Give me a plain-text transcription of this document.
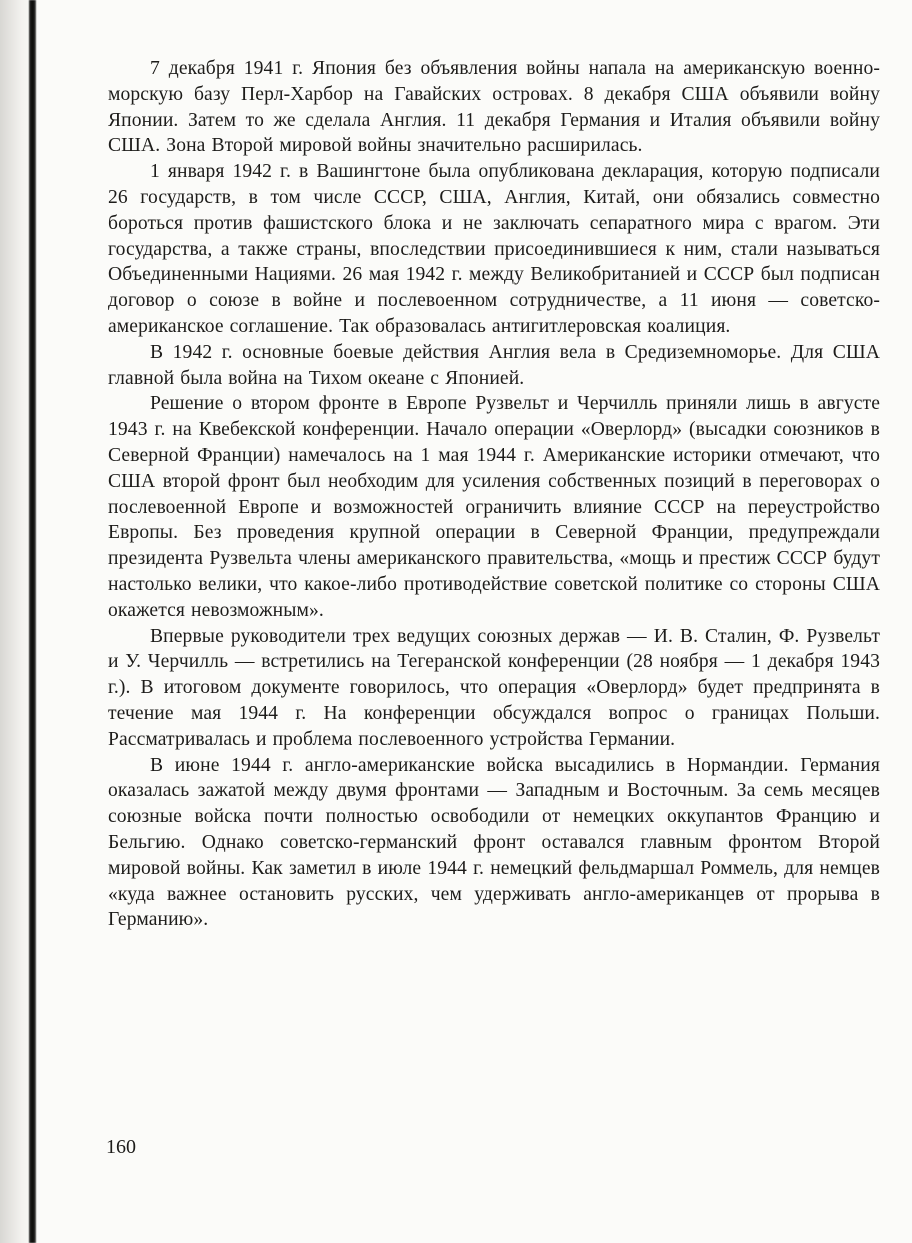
7 декабря 1941 г. Япония без объявления войны напала на американскую военно-морскую базу Перл-Харбор на Гавайских островах. 8 декабря США объявили войну Японии. Затем то же сделала Англия. 11 декабря Германия и Италия объявили войну США. Зона Второй мировой войны значительно расширилась.

1 января 1942 г. в Вашингтоне была опубликована декларация, которую подписали 26 государств, в том числе СССР, США, Англия, Китай, они обязались совместно бороться против фашистского блока и не заключать сепаратного мира с врагом. Эти государства, а также страны, впоследствии присоединившиеся к ним, стали называться Объединенными Нациями. 26 мая 1942 г. между Великобританией и СССР был подписан договор о союзе в войне и послевоенном сотрудничестве, а 11 июня — советско-американское соглашение. Так образовалась антигитлеровская коалиция.

В 1942 г. основные боевые действия Англия вела в Средиземноморье. Для США главной была война на Тихом океане с Японией.

Решение о втором фронте в Европе Рузвельт и Черчилль приняли лишь в августе 1943 г. на Квебекской конференции. Начало операции «Оверлорд» (высадки союзников в Северной Франции) намечалось на 1 мая 1944 г. Американские историки отмечают, что США второй фронт был необходим для усиления собственных позиций в переговорах о послевоенной Европе и возможностей ограничить влияние СССР на переустройство Европы. Без проведения крупной операции в Северной Франции, предупреждали президента Рузвельта члены американского правительства, «мощь и престиж СССР будут настолько велики, что какое-либо противодействие советской политике со стороны США окажется невозможным».

Впервые руководители трех ведущих союзных держав — И. В. Сталин, Ф. Рузвельт и У. Черчилль — встретились на Тегеранской конференции (28 ноября — 1 декабря 1943 г.). В итоговом документе говорилось, что операция «Оверлорд» будет предпринята в течение мая 1944 г. На конференции обсуждался вопрос о границах Польши. Рассматривалась и проблема послевоенного устройства Германии.

В июне 1944 г. англо-американские войска высадились в Нормандии. Германия оказалась зажатой между двумя фронтами — Западным и Восточным. За семь месяцев союзные войска почти полностью освободили от немецких оккупантов Францию и Бельгию. Однако советско-германский фронт оставался главным фронтом Второй мировой войны. Как заметил в июле 1944 г. немецкий фельдмаршал Роммель, для немцев «куда важнее остановить русских, чем удерживать англо-американцев от прорыва в Германию».

160
